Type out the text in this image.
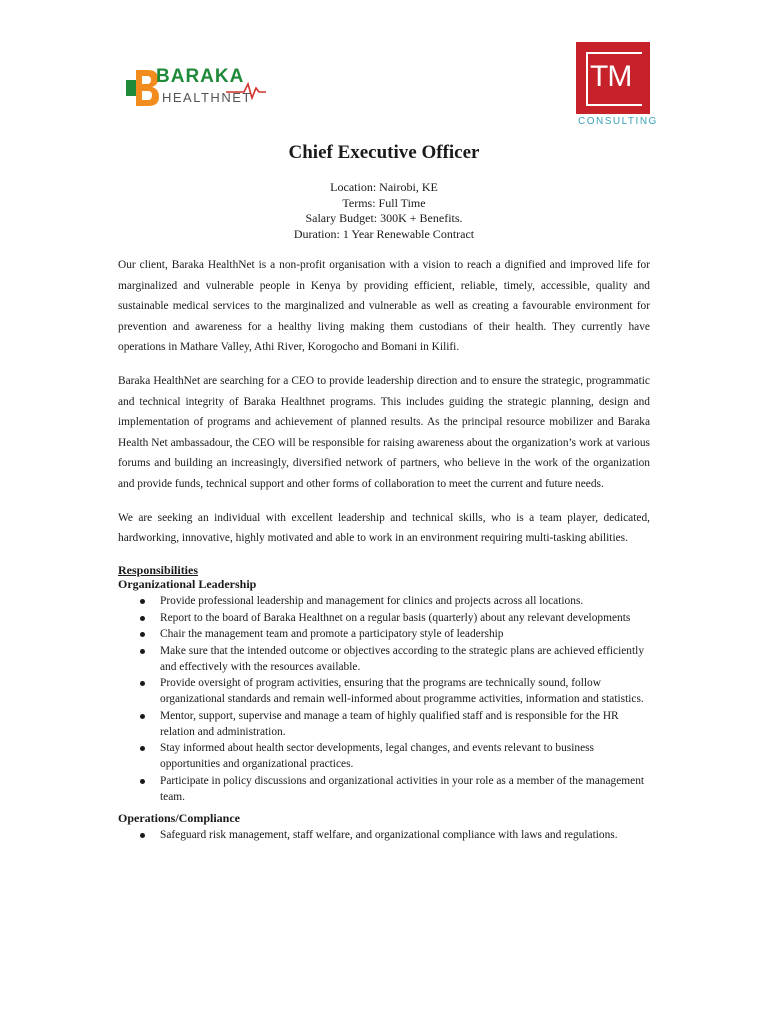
BARAKA
HEALTHNET
TM
CONSULTING
Chief Executive Officer
Location: Nairobi, KE
Terms: Full Time
Salary Budget: 300K + Benefits.
Duration: 1 Year Renewable Contract

Our client, Baraka HealthNet is a non-profit organisation with a vision to reach a dignified and improved life for marginalized and vulnerable people in Kenya by providing efficient, reliable, timely, accessible, quality and sustainable medical services to the marginalized and vulnerable as well as creating a favourable environment for prevention and awareness for a healthy living making them custodians of their health. They currently have operations in Mathare Valley, Athi River, Korogocho and Bomani in Kilifi.

Baraka HealthNet are searching for a CEO to provide leadership direction and to ensure the strategic, programmatic and technical integrity of Baraka Healthnet programs. This includes guiding the strategic planning, design and implementation of programs and achievement of planned results. As the principal resource mobilizer and Baraka Health Net ambassadour, the CEO will be responsible for raising awareness about the organization’s work at various forums and building an increasingly, diversified network of partners, who believe in the work of the organization and provide funds, technical support and other forms of collaboration to meet the current and future needs.

We are seeking an individual with excellent leadership and technical skills, who is a team player, dedicated, hardworking, innovative, highly motivated and able to work in an environment requiring multi-tasking abilities.

Responsibilities
Organizational Leadership
Provide professional leadership and management for clinics and projects across all locations.
Report to the board of Baraka Healthnet on a regular basis (quarterly) about any relevant developments
Chair the management team and promote a participatory style of leadership
Make sure that the intended outcome or objectives according to the strategic plans are achieved efficiently and effectively with the resources available.
Provide oversight of program activities, ensuring that the programs are technically sound, follow organizational standards and remain well-informed about programme activities, information and statistics.
Mentor, support, supervise and manage a team of highly qualified staff and is responsible for the HR relation and administration.
Stay informed about health sector developments, legal changes, and events relevant to business opportunities and organizational practices.
Participate in policy discussions and organizational activities in your role as a member of the management team.
Operations/Compliance
Safeguard risk management, staff welfare, and organizational compliance with laws and regulations.
